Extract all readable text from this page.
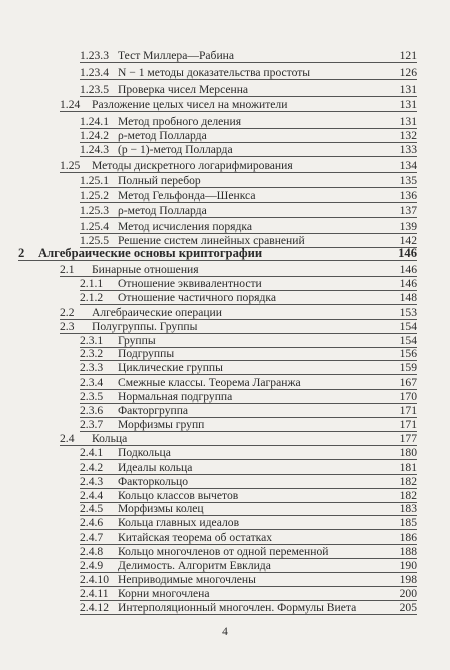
1.23.3 Тест Миллера—Рабина	121
1.23.4 N − 1 методы доказательства простоты	126
1.23.5 Проверка чисел Мерсенна	131
1.24 Разложение целых чисел на множители	131
1.24.1 Метод пробного деления	131
1.24.2 ρ-метод Полларда	132
1.24.3 (p − 1)-метод Полларда	133
1.25 Методы дискретного логарифмирования	134
1.25.1 Полный перебор	135
1.25.2 Метод Гельфонда—Шенкса	136
1.25.3 ρ-метод Полларда	137
1.25.4 Метод исчисления порядка	139
1.25.5 Решение систем линейных сравнений	142
2 Алгебраические основы криптографии	146
2.1 Бинарные отношения	146
2.1.1 Отношение эквивалентности	146
2.1.2 Отношение частичного порядка	148
2.2 Алгебраические операции	153
2.3 Полугруппы. Группы	154
2.3.1 Группы	154
2.3.2 Подгруппы	156
2.3.3 Циклические группы	159
2.3.4 Смежные классы. Теорема Лагранжа	167
2.3.5 Нормальная подгруппа	170
2.3.6 Факторгруппа	171
2.3.7 Морфизмы групп	171
2.4 Кольца	177
2.4.1 Подкольца	180
2.4.2 Идеалы кольца	181
2.4.3 Факторкольцо	182
2.4.4 Кольцо классов вычетов	182
2.4.5 Морфизмы колец	183
2.4.6 Кольца главных идеалов	185
2.4.7 Китайская теорема об остатках	186
2.4.8 Кольцо многочленов от одной переменной	188
2.4.9 Делимость. Алгоритм Евклида	190
2.4.10 Неприводимые многочлены	198
2.4.11 Корни многочлена	200
2.4.12 Интерполяционный многочлен. Формулы Виета	205
4
